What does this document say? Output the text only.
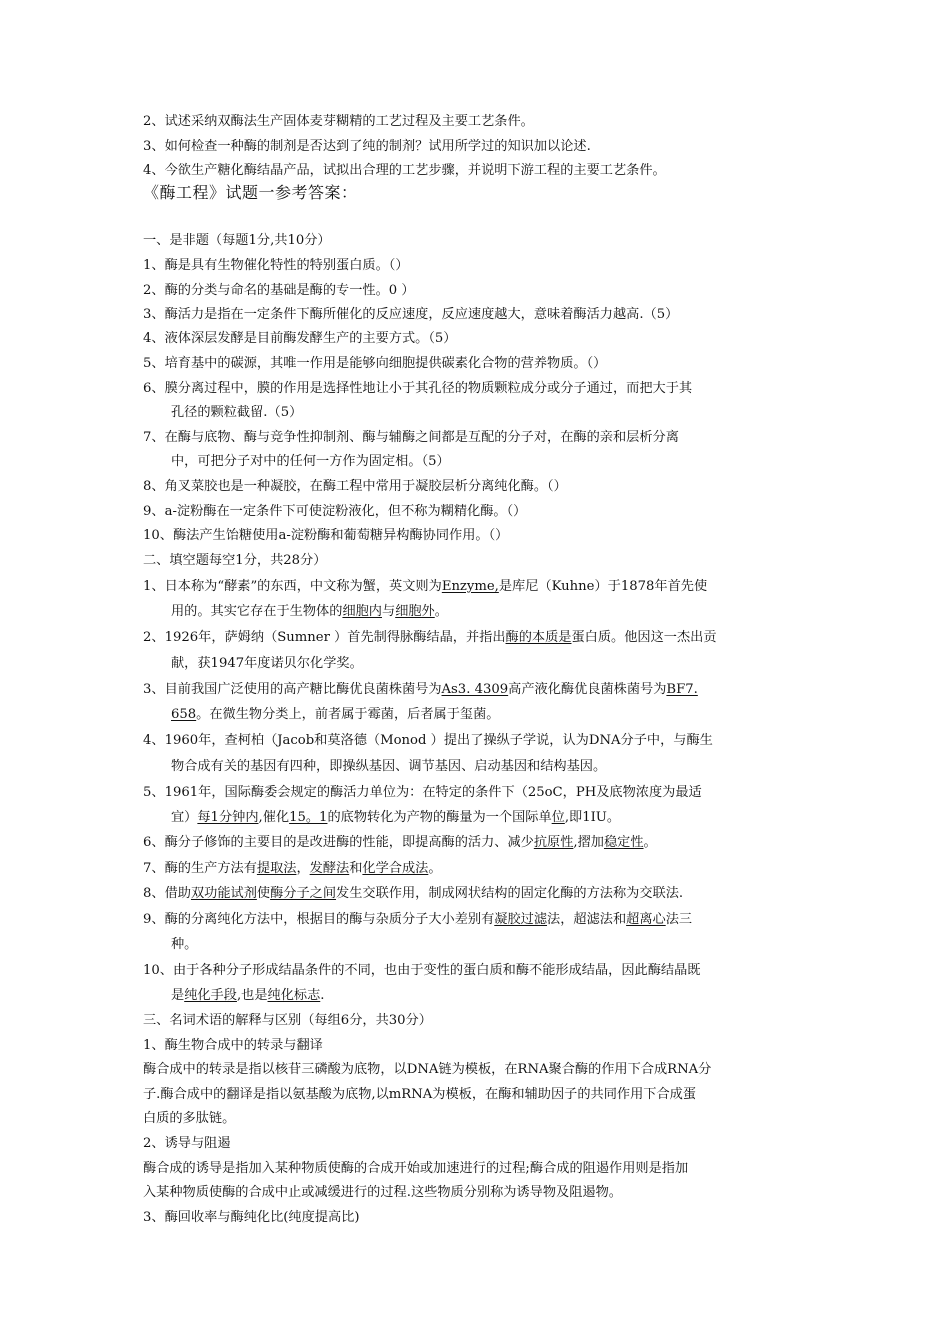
2、试述采纳双酶法生产固体麦芽糊精的工艺过程及主要工艺条件。
3、如何检查一种酶的制剂是否达到了纯的制剂？试用所学过的知识加以论述.
4、今欲生产糖化酶结晶产品，试拟出合理的工艺步骤，并说明下游工程的主要工艺条件。
《酶工程》试题一参考答案：
一、是非题（每题1分,共10分）
1、酶是具有生物催化特性的特别蛋白质。（）
2、酶的分类与命名的基础是酶的专一性。0 ）
3、酶活力是指在一定条件下酶所催化的反应速度，反应速度越大，意味着酶活力越高.（5）
4、液体深层发酵是目前酶发酵生产的主要方式。（5）
5、培育基中的碳源，其唯一作用是能够向细胞提供碳素化合物的营养物质。（）
6、膜分离过程中，膜的作用是选择性地让小于其孔径的物质颗粒成分或分子通过，而把大于其
孔径的颗粒截留.（5）
7、在酶与底物、酶与竞争性抑制剂、酶与辅酶之间都是互配的分子对，在酶的亲和层析分离
中，可把分子对中的任何一方作为固定相。（5）
8、角叉菜胶也是一种凝胶，在酶工程中常用于凝胶层析分离纯化酶。（）
9、a-淀粉酶在一定条件下可使淀粉液化，但不称为糊精化酶。（）
10、酶法产生饴糖使用a-淀粉酶和葡萄糖异构酶协同作用。（）
二、填空题每空1分，共28分）
1、日本称为“酵素”的东西，中文称为蟹，英文则为Enzyme,是库尼（Kuhne）于1878年首先使
用的。其实它存在于生物体的细胞内与细胞外。
2、1926年，萨姆纳（Sumner ）首先制得脉酶结晶，并指出酶的本质是蛋白质。他因这一杰出贡
献，获1947年度诺贝尔化学奖。
3、目前我国广泛使用的高产糖比酶优良菌株菌号为As3. 4309高产液化酶优良菌株菌号为BF7.
658。在微生物分类上，前者属于霉菌，后者属于玺菌。
4、1960年，查柯柏（Jacob和莫洛德（Monod ）提出了操纵子学说，认为DNA分子中，与酶生
物合成有关的基因有四种，即操纵基因、调节基因、启动基因和结构基因。
5、1961年，国际酶委会规定的酶活力单位为：在特定的条件下（25oC，PH及底物浓度为最适
宜）每1分钟内,催化15。1的底物转化为产物的酶量为一个国际单位,即1IU。
6、酶分子修饰的主要目的是改进酶的性能，即提高酶的活力、减少抗原性,摺加稳定性。
7、酶的生产方法有提取法，发酵法和化学合成法。
8、借助双功能试剂使酶分子之间发生交联作用，制成网状结构的固定化酶的方法称为交联法.
9、酶的分离纯化方法中，根据目的酶与杂质分子大小差别有凝胶过滤法，超滤法和超离心法三
种。
10、由于各种分子形成结晶条件的不同，也由于变性的蛋白质和酶不能形成结晶，因此酶结晶既
是纯化手段,也是纯化标志.
三、名词术语的解释与区别（每组6分，共30分）
1、酶生物合成中的转录与翻译
酶合成中的转录是指以核苷三磷酸为底物，以DNA链为模板，在RNA聚合酶的作用下合成RNA分
子.酶合成中的翻译是指以氨基酸为底物,以mRNA为模板，在酶和辅助因子的共同作用下合成蛋
白质的多肽链。
2、诱导与阻遏
酶合成的诱导是指加入某种物质使酶的合成开始或加速进行的过程;酶合成的阻遏作用则是指加
入某种物质使酶的合成中止或减缓进行的过程.这些物质分别称为诱导物及阻遏物。
3、酶回收率与酶纯化比(纯度提高比)
